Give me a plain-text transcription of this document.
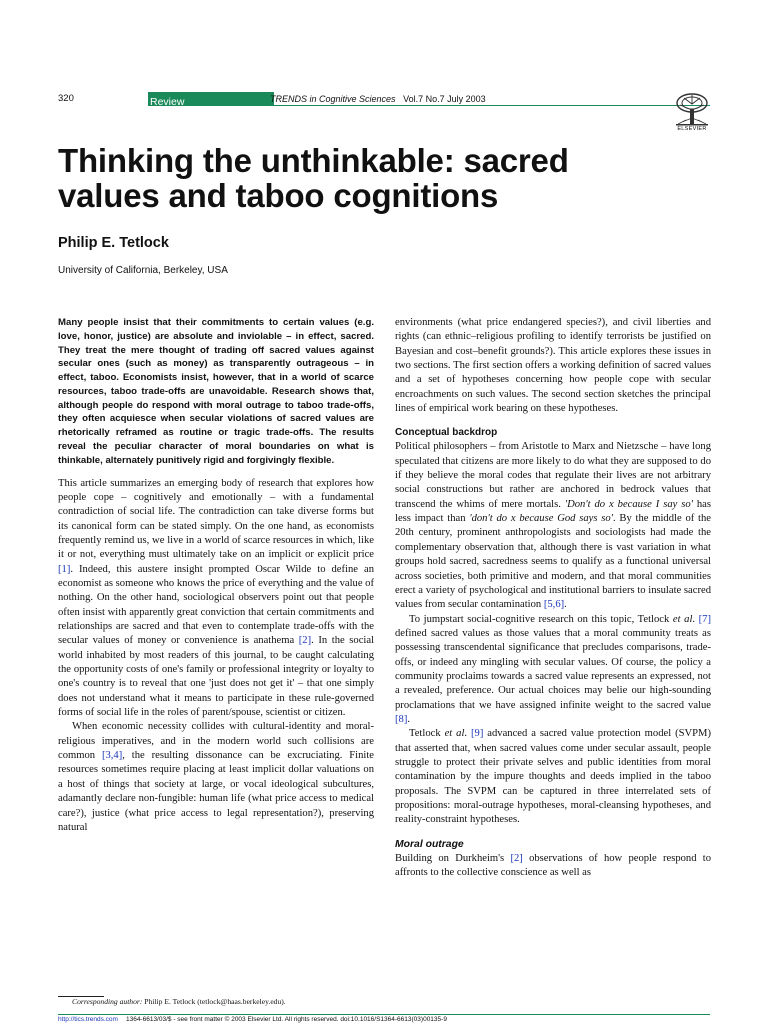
320	Review	TRENDS in Cognitive Sciences Vol.7 No.7 July 2003
ELSEVIER
Thinking the unthinkable: sacred values and taboo cognitions

Philip E. Tetlock

University of California, Berkeley, USA

Many people insist that their commitments to certain values (e.g. love, honor, justice) are absolute and inviolable – in effect, sacred. They treat the mere thought of trading off sacred values against secular ones (such as money) as transparently outrageous – in effect, taboo. Economists insist, however, that in a world of scarce resources, taboo trade-offs are unavoidable. Research shows that, although people do respond with moral outrage to taboo trade-offs, they often acquiesce when secular violations of sacred values are rhetorically reframed as routine or tragic trade-offs. The results reveal the peculiar character of moral boundaries on what is thinkable, alternately punitively rigid and forgivingly flexible.

This article summarizes an emerging body of research that explores how people cope – cognitively and emotionally – with a fundamental contradiction of social life. The contradiction can take diverse forms but its canonical form can be stated simply. On the one hand, as economists frequently remind us, we live in a world of scarce resources in which, like it or not, everything must ultimately take on an implicit or explicit price [1]. Indeed, this austere insight prompted Oscar Wilde to define an economist as someone who knows the price of everything and the value of nothing. On the other hand, sociological observers point out that people often insist with apparently great conviction that certain commitments and relationships are sacred and that even to contemplate trade-offs with the secular values of money or convenience is anathema [2]. In the social world inhabited by most readers of this journal, to be caught calculating the opportunity costs of one's family or professional integrity or loyalty to one's country is to reveal that one 'just does not get it' – that one simply does not understand what it means to participate in these rule-governed forms of social life in the roles of parent/spouse, scientist or citizen.

When economic necessity collides with cultural-identity and moral-religious imperatives, and in the modern world such collisions are common [3,4], the resulting dissonance can be excruciating. Finite resources sometimes require placing at least implicit dollar valuations on a host of things that society at large, or vocal ideological subcultures, adamantly declare non-fungible: human life (what price access to medical care?), justice (what price access to legal representation?), preserving natural

environments (what price endangered species?), and civil liberties and rights (can ethnic–religious profiling to identify terrorists be justified on Bayesian and cost–benefit grounds?). This article explores these issues in two sections. The first section offers a working definition of sacred values and a set of hypotheses concerning how people cope with secular encroachments on such values. The second section sketches the principal lines of empirical work bearing on these hypotheses.

Conceptual backdrop

Political philosophers – from Aristotle to Marx and Nietzsche – have long speculated that citizens are more likely to do what they are supposed to do if they believe the moral codes that regulate their lives are not arbitrary social constructions but rather are anchored in bedrock values that transcend the whims of mere mortals. 'Don't do x because I say so' has less impact than 'don't do x because God says so'. By the middle of the 20th century, prominent anthropologists and sociologists had made the complementary observation that, although there is vast variation in what groups hold sacred, sacredness seems to qualify as a functional universal across societies, both primitive and modern, and that moral communities erect a variety of psychological and institutional barriers to insulate sacred values from secular contamination [5,6].

To jumpstart social-cognitive research on this topic, Tetlock et al. [7] defined sacred values as those values that a moral community treats as possessing transcendental significance that precludes comparisons, trade-offs, or indeed any mingling with secular values. Of course, the policy a community proclaims towards a sacred value represents an expressed, not a revealed, preference. Our actual choices may belie our high-sounding proclamations that we have assigned infinite weight to the sacred value [8].

Tetlock et al. [9] advanced a sacred value protection model (SVPM) that asserted that, when sacred values come under secular assault, people struggle to protect their private selves and public identities from moral contamination by the impure thoughts and deeds implied in the taboo proposals. The SVPM can be captured in three interrelated sets of propositions: moral-outrage hypotheses, moral-cleansing hypotheses, and reality-constraint hypotheses.

Moral outrage

Building on Durkheim's [2] observations of how people respond to affronts to the collective conscience as well as

Corresponding author: Philip E. Tetlock (tetlock@haas.berkeley.edu).
http://tics.trends.com 1364-6613/03/$ - see front matter © 2003 Elsevier Ltd. All rights reserved. doi:10.1016/S1364-6613(03)00135-9
